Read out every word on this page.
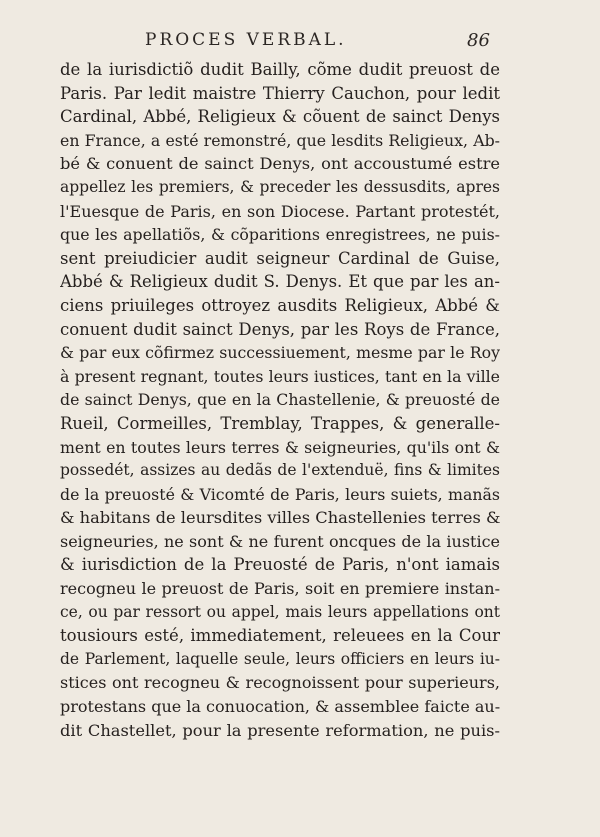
PROCES VERBAL.	86
de la iurisdictiõ dudit Bailly, cõme dudit preuost de
Paris. Par ledit maistre Thierry Cauchon, pour ledit
Cardinal, Abbé, Religieux & cõuent de sainct Denys
en France, a esté remonstré, que lesdits Religieux, Ab-
bé & conuent de sainct Denys, ont accoustumé estre
appellez les premiers, & preceder les dessusdits, apres
l'Euesque de Paris, en son Diocese. Partant protestét,
que les apellatiõs, & cõparitions enregistrees, ne puis-
sent preiudicier audit seigneur Cardinal de Guise,
Abbé & Religieux dudit S. Denys. Et que par les an-
ciens priuileges ottroyez ausdits Religieux, Abbé &
conuent dudit sainct Denys, par les Roys de France,
& par eux cõfirmez successiuement, mesme par le Roy
à present regnant, toutes leurs iustices, tant en la ville
de sainct Denys, que en la Chastellenie, & preuosté de
Rueil, Cormeilles, Tremblay, Trappes, & generalle-
ment en toutes leurs terres & seigneuries, qu'ils ont &
possedét, assizes au dedãs de l'extenduë, fins & limites
de la preuosté & Vicomté de Paris, leurs suiets, manãs
& habitans de leursdites villes Chastellenies terres &
seigneuries, ne sont & ne furent oncques de la iustice
& iurisdiction de la Preuosté de Paris, n'ont iamais
recogneu le preuost de Paris, soit en premiere instan-
ce, ou par ressort ou appel, mais leurs appellations ont
tousiours esté, immediatement, releuees en la Cour
de Parlement, laquelle seule, leurs officiers en leurs iu-
stices ont recogneu & recognoissent pour superieurs,
protestans que la conuocation, & assemblee faicte au-
dit Chastellet, pour la presente reformation, ne puis-
